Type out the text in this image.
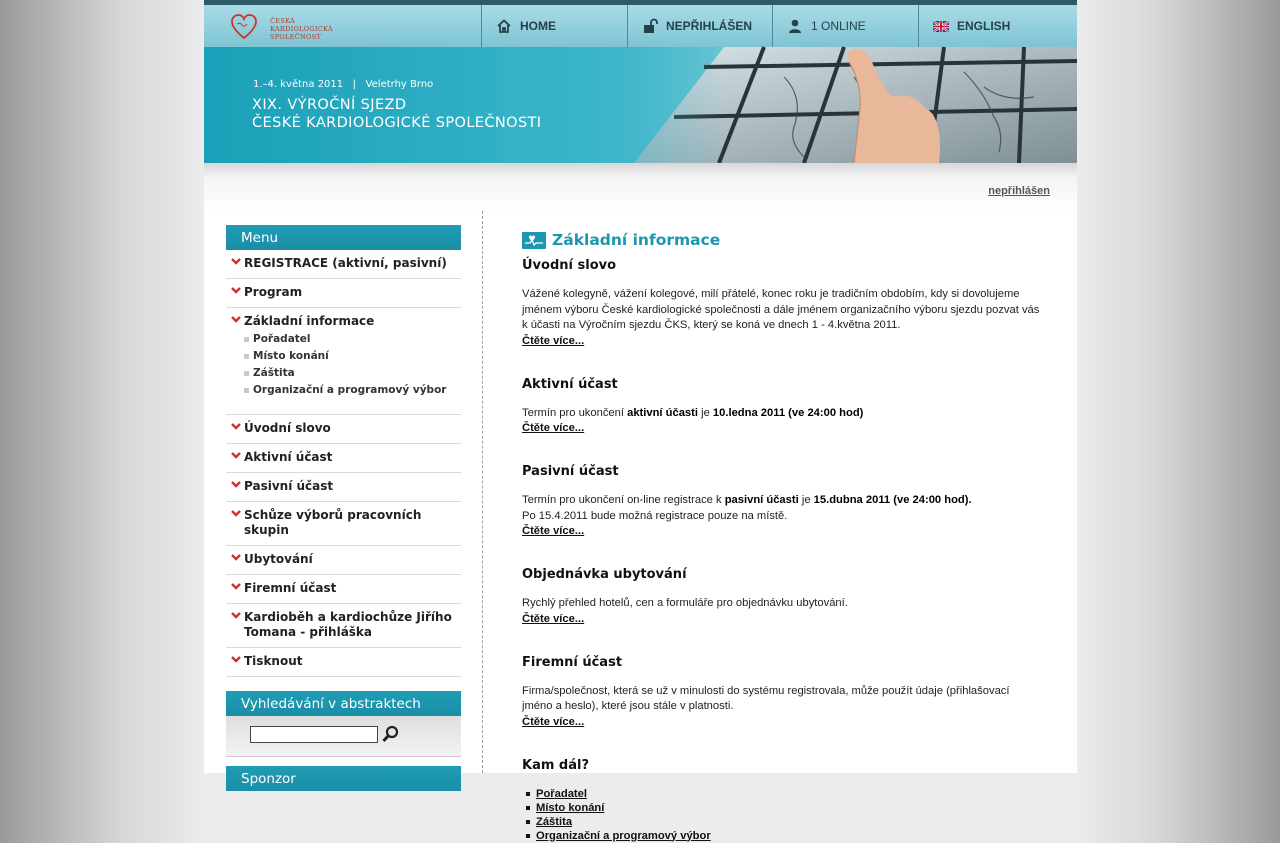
ČESKÁ
KARDIOLOGICKÁ
SPOLEČNOST
HOME	NEPŘIHLÁŠEN	1 ONLINE	ENGLISH
1.–4. května 2011   |   Veletrhy Brno
XIX. VÝROČNÍ SJEZD
ČESKÉ KARDIOLOGICKÉ SPOLEČNOSTI
nepřihlášen
Menu
REGISTRACE (aktivní, pasivní)
Program
Základní informace
Pořadatel
Místo konání
Záštita
Organizační a programový výbor
Úvodní slovo
Aktivní účast
Pasivní účast
Schůze výborů pracovních skupin
Ubytování
Firemní účast
Kardioběh a kardiochůze Jiřího Tomana - přihláška
Tisknout
Vyhledávání v abstraktech
Sponzor
Základní informace
Úvodní slovo

Vážené kolegyně, vážení kolegové, milí přátelé, konec roku je tradičním obdobím, kdy si dovolujeme jménem výboru České kardiologické společnosti a dále jménem organizačního výboru sjezdu pozvat vás k účasti na Výročním sjezdu ČKS, který se koná ve dnech 1 - 4.května 2011.

Čtěte více...
Aktivní účast

Termín pro ukončení aktivní účasti je 10.ledna 2011 (ve 24:00 hod)

Čtěte více...
Pasivní účast

Termín pro ukončení on-line registrace k pasivní účasti je 15.dubna 2011 (ve 24:00 hod).

Po 15.4.2011 bude možná registrace pouze na místě.

Čtěte více...
Objednávka ubytování

Rychlý přehled hotelů, cen a formuláře pro objednávku ubytování.

Čtěte více...
Firemní účast

Firma/společnost, která se už v minulosti do systému registrovala, může použít údaje (přihlašovací jméno a heslo), které jsou stále v platnosti.

Čtěte více...
Kam dál?
Pořadatel
Místo konání
Záštita
Organizační a programový výbor
